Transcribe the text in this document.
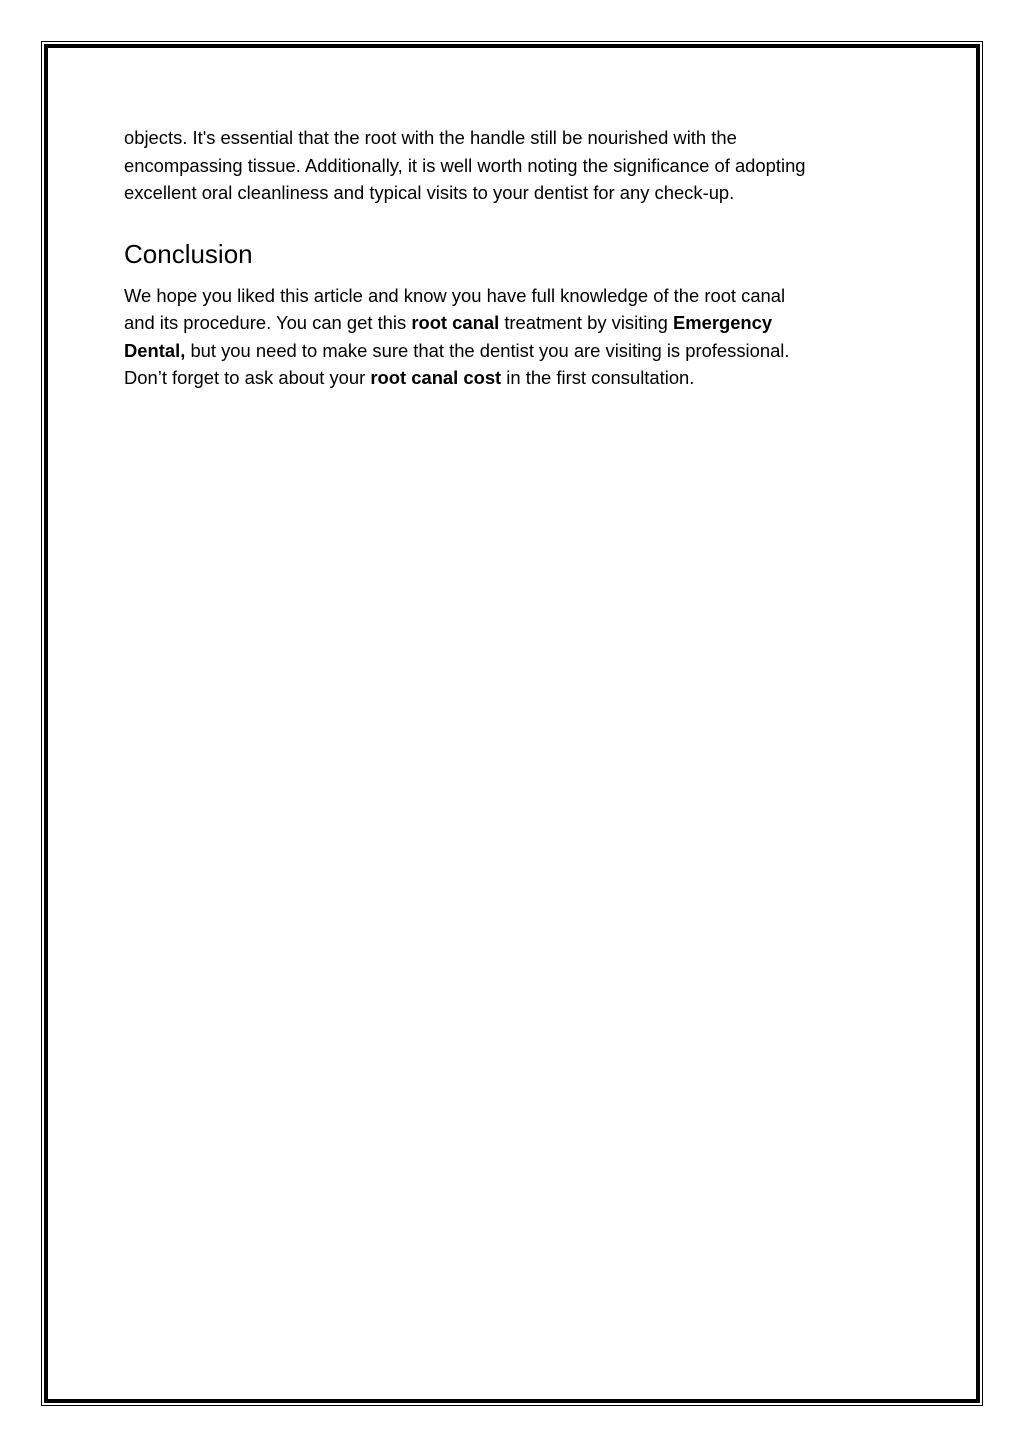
objects. It's essential that the root with the handle still be nourished with the
encompassing tissue. Additionally, it is well worth noting the significance of adopting
excellent oral cleanliness and typical visits to your dentist for any check-up.

Conclusion

We hope you liked this article and know you have full knowledge of the root canal
and its procedure. You can get this root canal treatment by visiting Emergency
Dental, but you need to make sure that the dentist you are visiting is professional.
Don’t forget to ask about your root canal cost in the first consultation.
